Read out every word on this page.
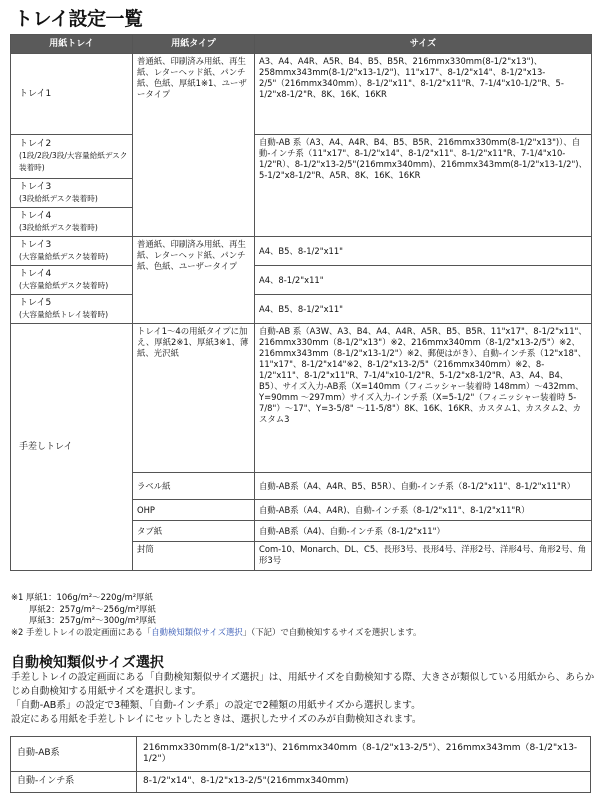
トレイ設定一覧
用紙トレイ	用紙タイプ	サイズ
トレイ1	普通紙、印刷済み用紙、再生紙、レターヘッド紙、パンチ紙、色紙、厚紙1※1、ユーザータイプ	A3、A4、A4R、A5R、B4、B5、B5R、216mmx330mm(8-1/2"x13")、258mmx343mm(8-1/2"x13-1/2")、11"x17"、8-1/2"x14"、8-1/2"x13-2/5"（216mmx340mm）、8-1/2"x11"、8-1/2"x11"R、7-1/4"x10-1/2"R、5-1/2"x8-1/2"R、8K、16K、16KR
トレイ2
(1段/2段/3段/大容量給紙デスク装着時)		自動-AB 系（A3、A4、A4R、B4、B5、B5R、216mmx330mm(8-1/2"x13")）、自動-インチ系（11"x17"、8-1/2"x14"、8-1/2"x11"、8-1/2"x11"R、7-1/4"x10-1/2"R）、8-1/2"x13-2/5"(216mmx340mm)、216mmx343mm(8-1/2"x13-1/2")、5-1/2"x8-1/2"R、A5R、8K、16K、16KR
トレイ3
(3段給紙デスク装着時)		
トレイ4
(3段給紙デスク装着時)		
トレイ3
(大容量給紙デスク装着時)	普通紙、印刷済み用紙、再生紙、レターヘッド紙、パンチ紙、色紙、ユーザータイプ	A4、B5、8-1/2"x11"
トレイ4
(大容量給紙デスク装着時)		A4、8-1/2"x11"
トレイ5
(大容量給紙トレイ装着時)		A4、B5、8-1/2"x11"
手差しトレイ	トレイ1〜4の用紙タイプに加え、厚紙2※1、厚紙3※1、薄紙、光沢紙	自動-AB 系（A3W、A3、B4、A4、A4R、A5R、B5、B5R、11"x17"、8-1/2"x11"、216mmx330mm（8-1/2"x13"）※2、216mmx340mm（8-1/2"x13-2/5"）※2、216mmx343mm（8-1/2"x13-1/2"）※2、郵便はがき）、自動-インチ系（12"x18"、11"x17"、8-1/2"x14"※2、8-1/2"x13-2/5"（216mmx340mm）※2、8-1/2"x11"、8-1/2"x11"R、7-1/4"x10-1/2"R、5-1/2"x8-1/2"R、A3、A4、B4、B5）、サイズ入力-AB系（X=140mm（フィニッシャー装着時 148mm）〜432mm、Y=90mm 〜297mm）サイズ入力-インチ系（X=5-1/2"（フィニッシャー装着時 5-7/8"）〜17"、Y=3-5/8" 〜11-5/8"）8K、16K、16KR、カスタム1、カスタム2、カスタム3
	ラベル紙	自動-AB系（A4、A4R、B5、B5R）、自動-インチ系（8-1/2"x11"、8-1/2"x11"R）
	OHP	自動-AB系（A4、A4R)、自動-インチ系（8-1/2"x11"、8-1/2"x11"R）
	タブ紙	自動-AB系（A4)、自動-インチ系（8-1/2"x11"）
	封筒	Com-10、Monarch、DL、C5、長形3号、長形4号、洋形2号、洋形4号、角形2号、角形3号
※1 厚紙1：106g/m²〜220g/m²厚紙
厚紙2：257g/m²〜256g/m²厚紙
厚紙3：257g/m²〜300g/m²厚紙
※2 手差しトレイの設定画面にある「自動検知類似サイズ選択」（下記）で自動検知するサイズを選択します。
自動検知類似サイズ選択
手差しトレイの設定画面にある「自動検知類似サイズ選択」は、用紙サイズを自動検知する際、大きさが類似している用紙から、あらかじめ自動検知する用紙サイズを選択します。
「自動-AB系」の設定で3種類、「自動-インチ系」の設定で2種類の用紙サイズから選択します。
設定にある用紙を手差しトレイにセットしたときは、選択したサイズのみが自動検知されます。
自動-AB系	216mmx330mm(8-1/2"x13")、216mmx340mm（8-1/2"x13-2/5"）、216mmx343mm（8-1/2"x13-1/2"）
自動-インチ系	8-1/2"x14"、8-1/2"x13-2/5"(216mmx340mm)
